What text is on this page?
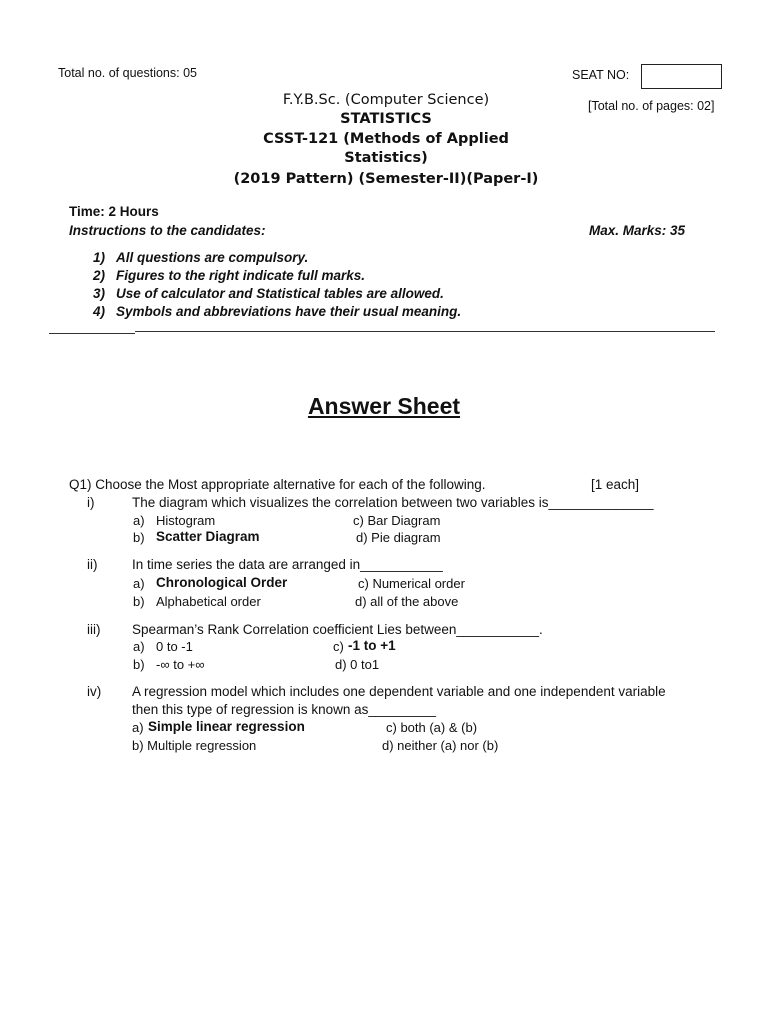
Total no. of questions: 05	SEAT NO:
[Total no. of pages: 02]
F.Y.B.Sc. (Computer Science)
STATISTICS
CSST-121 (Methods of Applied
Statistics)
(2019 Pattern) (Semester-II)(Paper-I)
Time: 2 Hours
Instructions to the candidates:	Max. Marks: 35
1) All questions are compulsory.
2) Figures to the right indicate full marks.
3) Use of calculator and Statistical tables are allowed.
4) Symbols and abbreviations have their usual meaning.
Answer Sheet
Q1) Choose the Most appropriate alternative for each of the following.	[1 each]
i)	The diagram which visualizes the correlation between two variables is______________
a) Histogram	c) Bar Diagram
b) Scatter Diagram	d) Pie diagram
ii)	In time series the data are arranged in___________
a) Chronological Order	c) Numerical order
b) Alphabetical order	d) all of the above
iii) Spearman’s Rank Correlation coefficient Lies between___________.
a) 0 to -1	c) -1 to +1
b) -∞ to +∞	d) 0 to1
iv) A regression model which includes one dependent variable and one independent variable
then this type of regression is known as_________
a) Simple linear regression	c) both (a) & (b)
b) Multiple regression	d) neither (a) nor (b)
